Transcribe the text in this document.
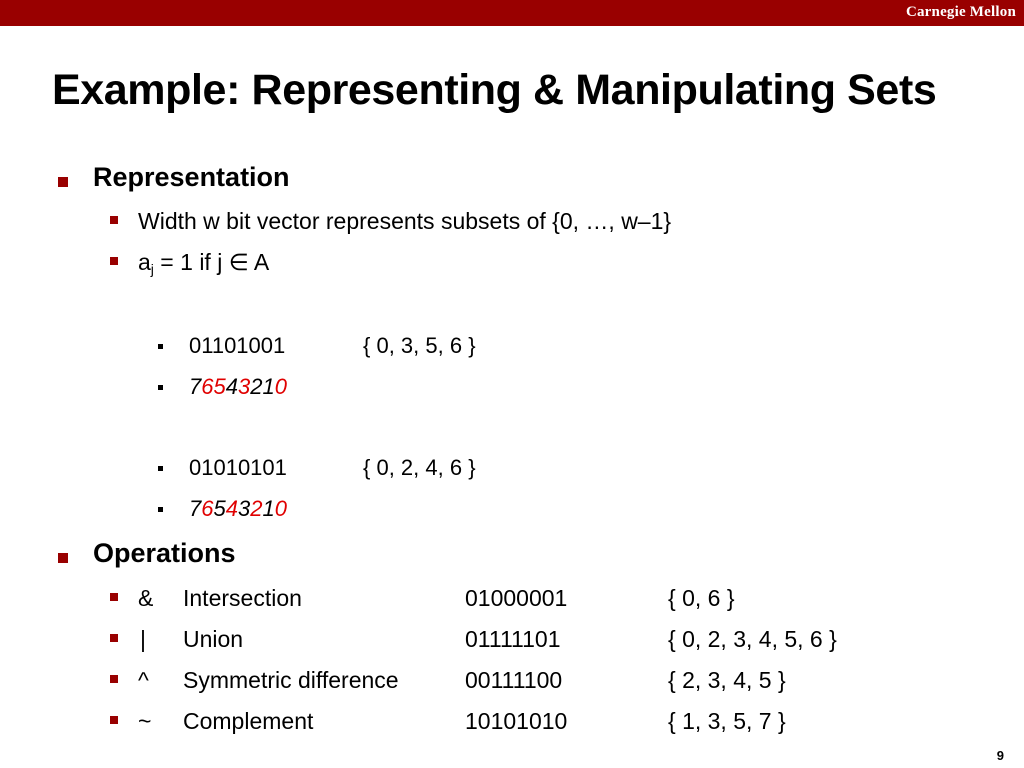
Carnegie Mellon
Example: Representing & Manipulating Sets
Representation
Width w bit vector represents subsets of {0, …, w–1}
$a_j = 1$ if j ∈ A
01101001	{ 0, 3, 5, 6 }
76543210
01010101	{ 0, 2, 4, 6 }
76543210
Operations
& Intersection	01000001	{ 0, 6 }
| Union	01111101	{ 0, 2, 3, 4, 5, 6 }
^ Symmetric difference	00111100	{ 2, 3, 4, 5 }
~ Complement	10101010	{ 1, 3, 5, 7 }
9
